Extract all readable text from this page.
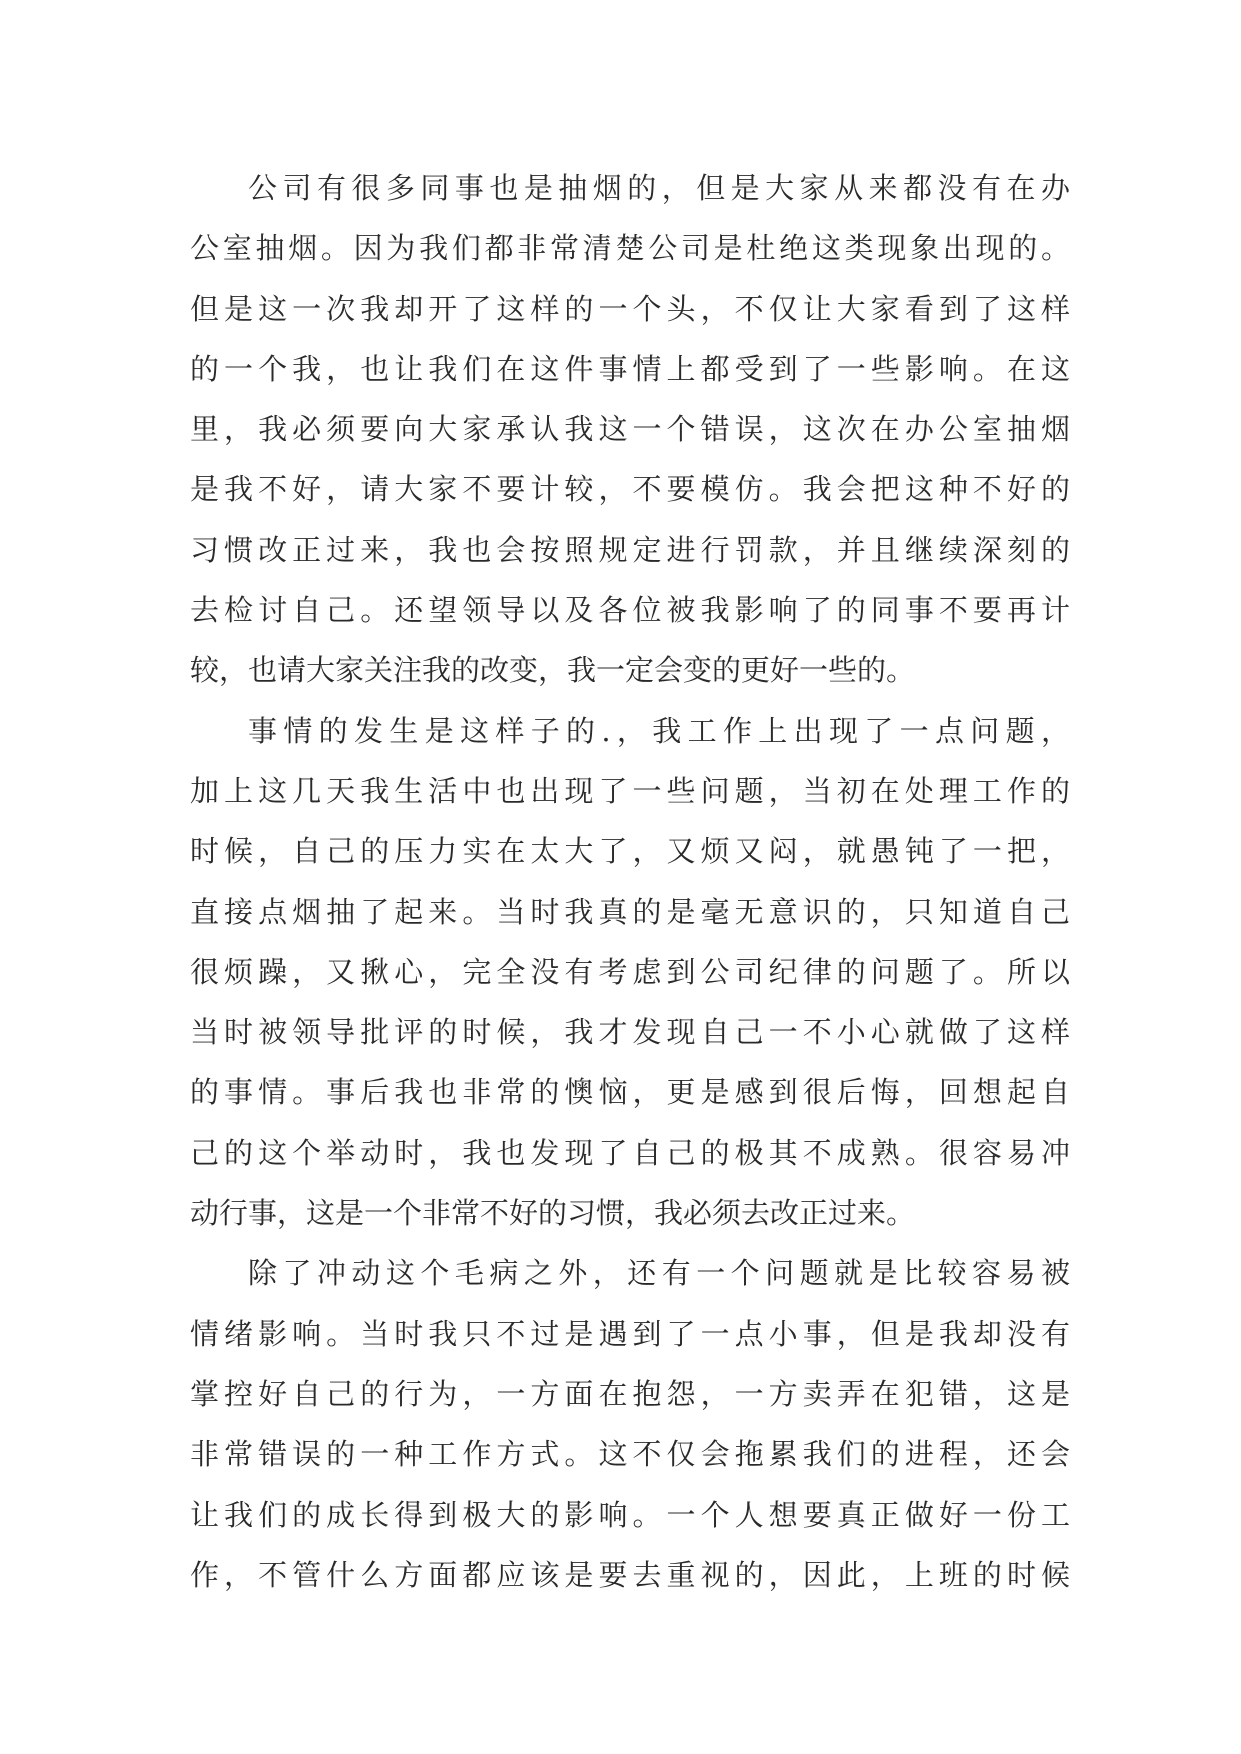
公司有很多同事也是抽烟的，但是大家从来都没有在办
公室抽烟。因为我们都非常清楚公司是杜绝这类现象出现的。
但是这一次我却开了这样的一个头，不仅让大家看到了这样
的一个我，也让我们在这件事情上都受到了一些影响。在这
里，我必须要向大家承认我这一个错误，这次在办公室抽烟
是我不好，请大家不要计较，不要模仿。我会把这种不好的
习惯改正过来，我也会按照规定进行罚款，并且继续深刻的
去检讨自己。还望领导以及各位被我影响了的同事不要再计
较，也请大家关注我的改变，我一定会变的更好一些的。
事情的发生是这样子的.，我工作上出现了一点问题，
加上这几天我生活中也出现了一些问题，当初在处理工作的
时候，自己的压力实在太大了，又烦又闷，就愚钝了一把，
直接点烟抽了起来。当时我真的是毫无意识的，只知道自己
很烦躁，又揪心，完全没有考虑到公司纪律的问题了。所以
当时被领导批评的时候，我才发现自己一不小心就做了这样
的事情。事后我也非常的懊恼，更是感到很后悔，回想起自
己的这个举动时，我也发现了自己的极其不成熟。很容易冲
动行事，这是一个非常不好的习惯，我必须去改正过来。
除了冲动这个毛病之外，还有一个问题就是比较容易被
情绪影响。当时我只不过是遇到了一点小事，但是我却没有
掌控好自己的行为，一方面在抱怨，一方卖弄在犯错，这是
非常错误的一种工作方式。这不仅会拖累我们的进程，还会
让我们的成长得到极大的影响。一个人想要真正做好一份工
作，不管什么方面都应该是要去重视的，因此，上班的时候
